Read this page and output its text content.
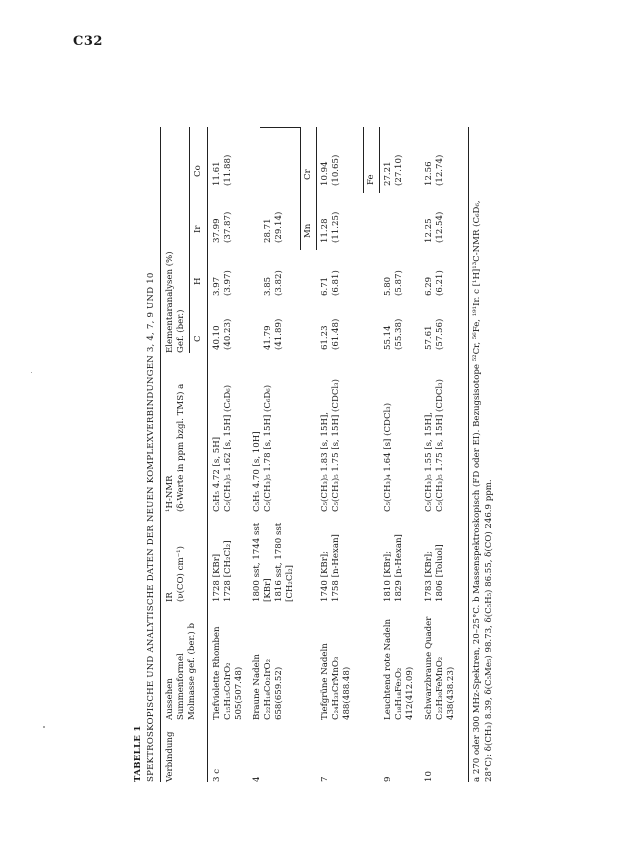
C32
TABELLE 1 SPEKTROSKOPISCHE UND ANALYTISCHE DATEN DER NEUEN KOMPLEXVERBINDUNGEN 3, 4, 7, 9 UND 10 Verbindung
Aussehen Summenformel Molmasse gef. (ber.) b
IR (ν(CO) cm⁻¹)
¹H-NMR (δ-Werte in ppm bzgl. TMS) a
Elementaranalysen (%) Gef. (ber.) C
H
Ir
Co
3 c
Tiefviolette Rhomben C₁₅H₁₅CoIrO₂ 505(507.48)
1728 [KBr] 1728 [CH₂Cl₂]
C₅H₅ 4.72 [s, 5H] C₅(CH₃)₅ 1.62 [s, 15H] (C₆D₆)
40.10 (40.23)
3.97 (3.97)
37.99 (37.87)
11.61 (11.88)
4
Braune Nadeln C₂₂H₁₈Co₂IrO₂ 658(659.52)
1800 sst, 1744 sst [KBr] 1816 sst, 1780 sst [CH₂Cl₂]
C₅H₅ 4.70 [s, 10H] C₅(CH₃)₅ 1.78 [s, 15H] (C₆D₆)
41.79 (41.89)
3.85 (3.82)
28.71 (29.14) Mn
Cr
7
Tiefgrüne Nadeln C₂₄H₃₃CrMnO₃ 488(488.48)
1740 [KBr]; 1758 [n-Hexan]
C₅(CH₃)₅ 1.83 [s, 15H], C₅(CH₃)₅ 1.75 [s, 15H] (CDCl₃)
61.23 (61.48)
6.71 (6.81)
11.28 (11.25)
10.94 (10.65)	Fe
9
Leuchtend rote Nadeln C₁₈H₁₈Fe₂O₂ 412(412.09)
1810 [KBr]; 1829 [n-Hexan]
C₅(CH₃)₄ 1.64 [s] (CDCl₃)
55.14 (55.38)
5.80 (5.87)
27.21 (27.10)
10
Schwarzbraune Quader C₂₂H₃₀FeMnO₂ 438(438.23)
1783 [KBr]; 1806 [Toluol]
C₅(CH₃)₅ 1.55 [s, 15H], C₅(CH₃)₅ 1.75 [s, 15H] (CDCl₃)
57.61 (57.56)
6.29 (6.21)
12.25 (12.54)
12.56 (12.74)
a 270 oder 300 MHz-Spektren, 20–25°C. b Massenspektroskopisch (FD oder EI). Bezugsisotope ⁵²Cr, ⁵⁶Fe, ¹⁹¹Ir. c [¹H]¹³C-NMR (C₆D₆, 28°C): δ(CH₃) 8.39, δ(C₅Me₅) 98.73, δ(C₅H₅) 86.55, δ(CO) 246.9 ppm.
